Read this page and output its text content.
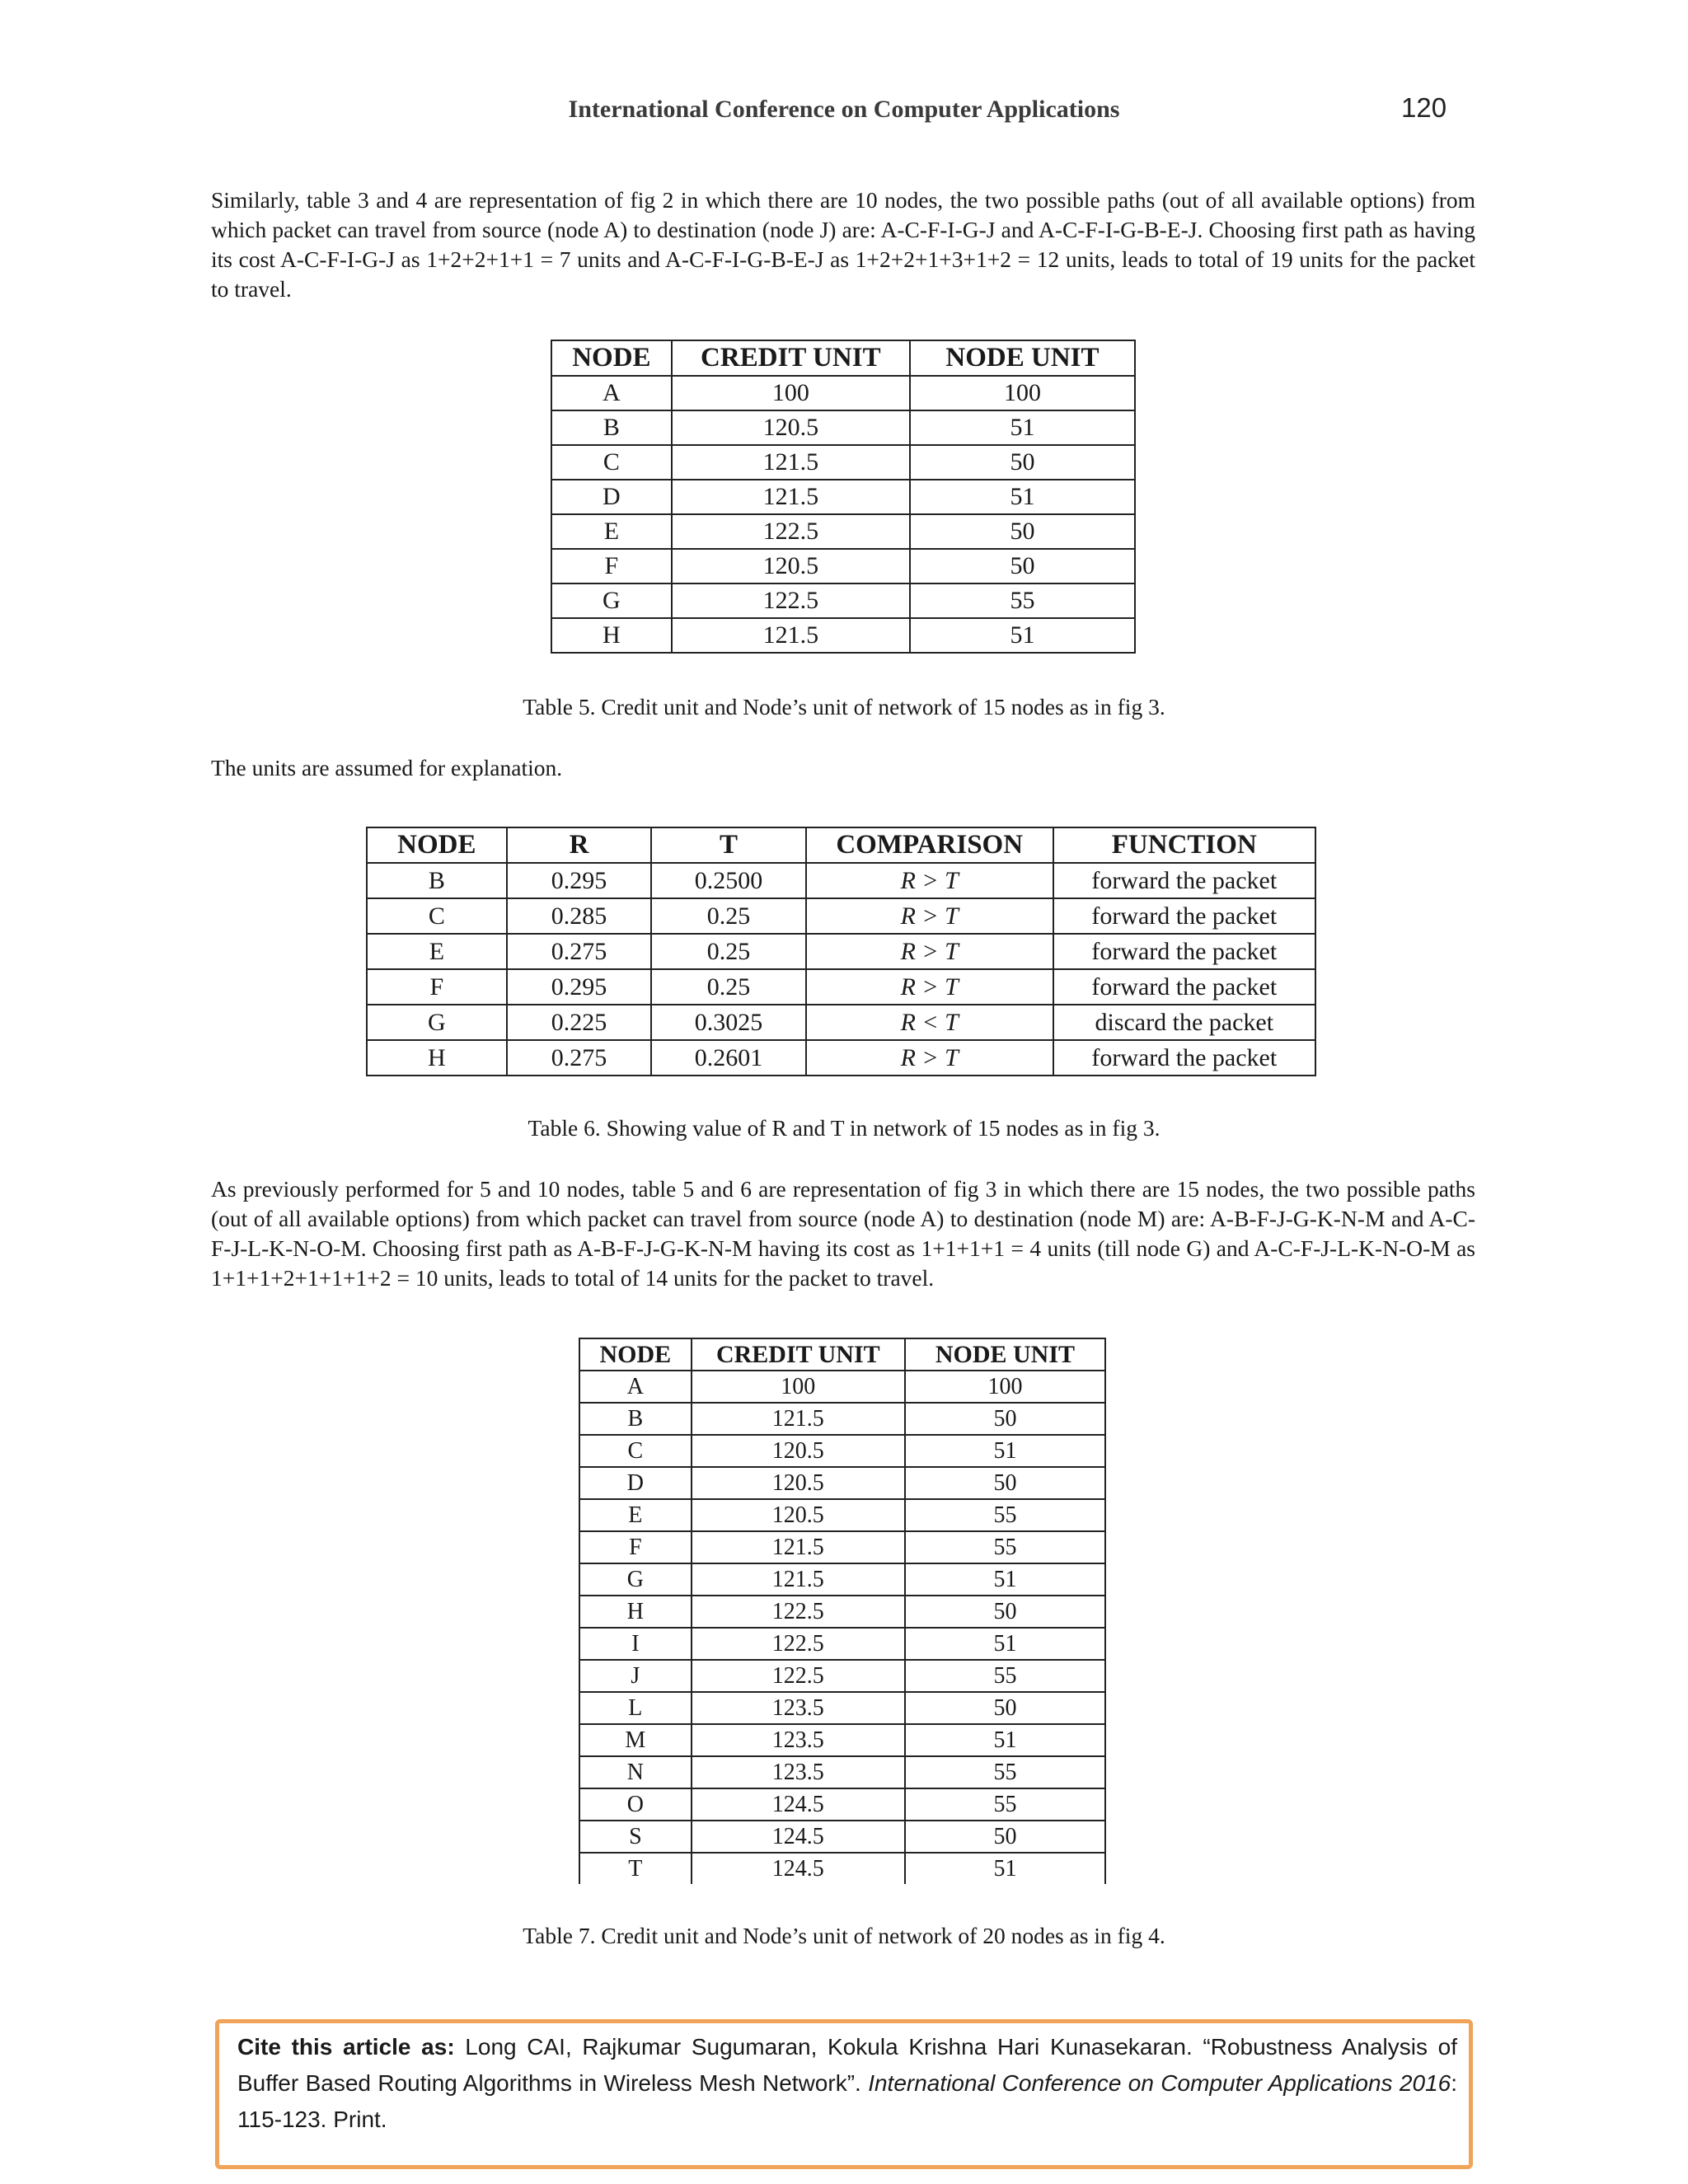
International Conference on Computer Applications	120

Similarly, table 3 and 4 are representation of fig 2 in which there are 10 nodes, the two possible paths (out of all available options) from which packet can travel from source (node A) to destination (node J) are: A-C-F-I-G-J and A-C-F-I-G-B-E-J. Choosing first path as having its cost A-C-F-I-G-J as 1+2+2+1+1 = 7 units and A-C-F-I-G-B-E-J as 1+2+2+1+3+1+2 = 12 units, leads to total of 19 units for the packet to travel.

NODE	CREDIT UNIT	NODE UNIT
A	100	100
B	120.5	51
C	121.5	50
D	121.5	51
E	122.5	50
F	120.5	50
G	122.5	55
H	121.5	51
Table 5. Credit unit and Node’s unit of network of 15 nodes as in fig 3.
The units are assumed for explanation.
NODE	R	T	COMPARISON	FUNCTION
B	0.295	0.2500	R > T	forward the packet
C	0.285	0.25	R > T	forward the packet
E	0.275	0.25	R > T	forward the packet
F	0.295	0.25	R > T	forward the packet
G	0.225	0.3025	R < T	discard the packet
H	0.275	0.2601	R > T	forward the packet
Table 6. Showing value of R and T in network of 15 nodes as in fig 3.

As previously performed for 5 and 10 nodes, table 5 and 6 are representation of fig 3 in which there are 15 nodes, the two possible paths (out of all available options) from which packet can travel from source (node A) to destination (node M) are: A-B-F-J-G-K-N-M and A-C-F-J-L-K-N-O-M. Choosing first path as A-B-F-J-G-K-N-M having its cost as 1+1+1+1 = 4 units (till node G) and A-C-F-J-L-K-N-O-M as 1+1+1+2+1+1+1+2 = 10 units, leads to total of 14 units for the packet to travel.

NODE	CREDIT UNIT	NODE UNIT
A	100	100
B	121.5	50
C	120.5	51
D	120.5	50
E	120.5	55
F	121.5	55
G	121.5	51
H	122.5	50
I	122.5	51
J	122.5	55
L	123.5	50
M	123.5	51
N	123.5	55
O	124.5	55
S	124.5	50
T	124.5	51
Table 7. Credit unit and Node’s unit of network of 20 nodes as in fig 4.
Cite this article as: Long CAI, Rajkumar Sugumaran, Kokula Krishna Hari Kunasekaran. “Robustness Analysis of Buffer Based Routing Algorithms in Wireless Mesh Network”. International Conference on Computer Applications 2016: 115-123. Print.
